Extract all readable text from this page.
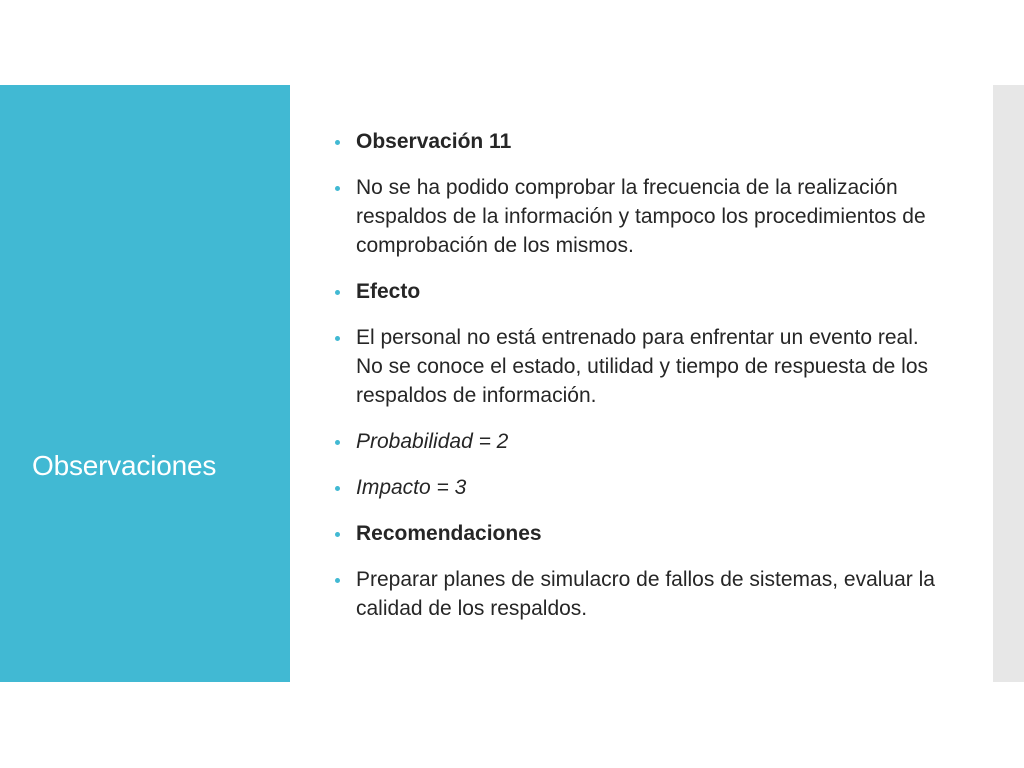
Observaciones
Observación 11
No se ha podido comprobar la frecuencia de la realización respaldos de la información y tampoco los procedimientos de comprobación de los mismos.
Efecto
El personal no está entrenado para enfrentar un evento real. No se conoce el estado, utilidad y tiempo de respuesta de los respaldos de información.
Probabilidad = 2
Impacto = 3
Recomendaciones
Preparar planes de simulacro de fallos de sistemas, evaluar la calidad de los respaldos.
